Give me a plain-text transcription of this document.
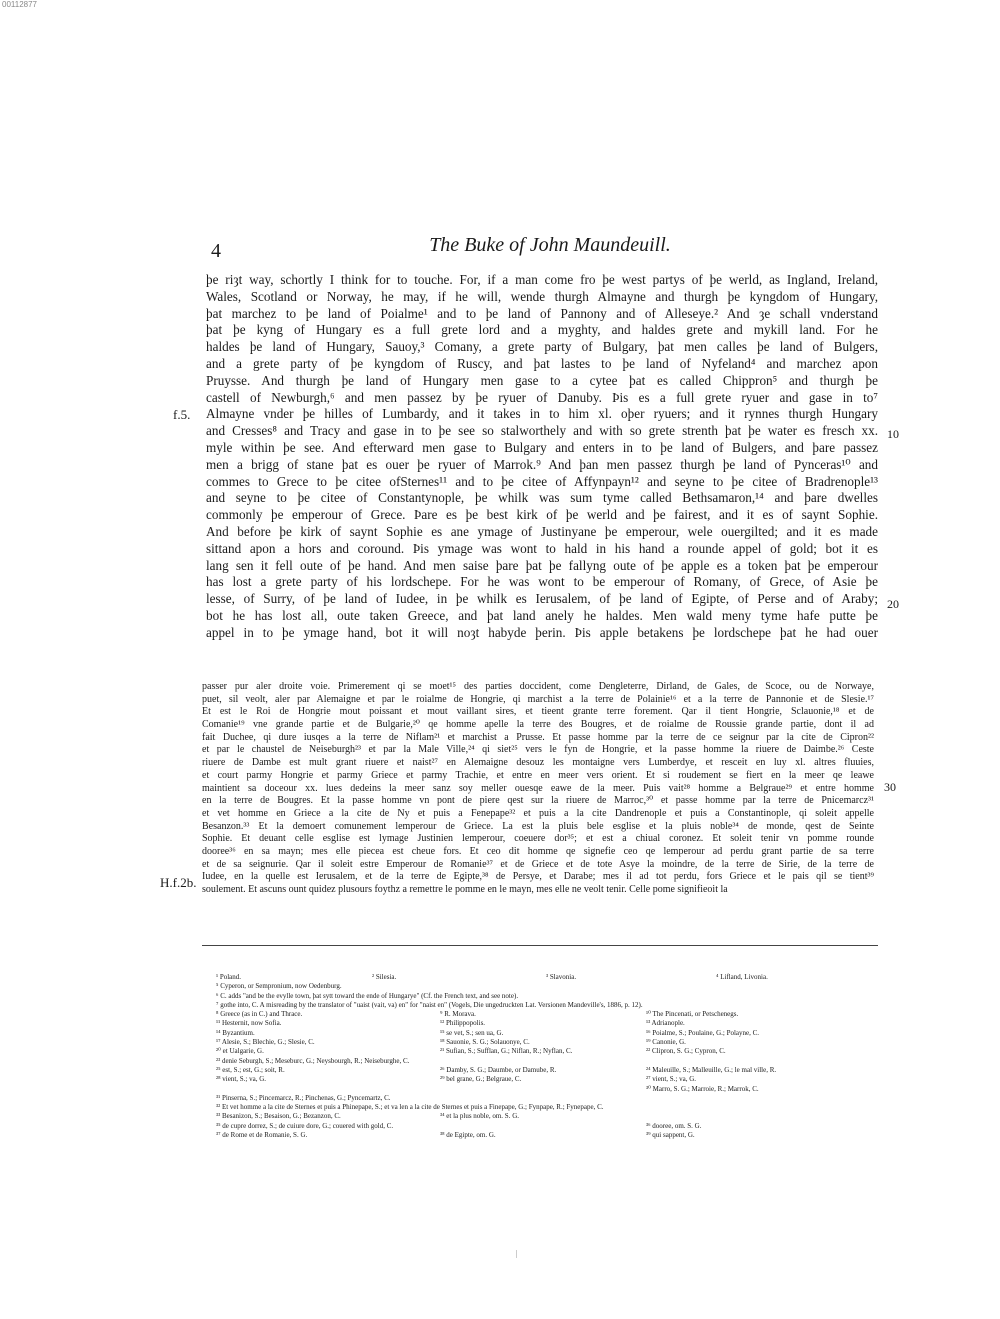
00112877
4	The Buke of John Maundeuill.
f.5.
10
20
30
H.f.2b.
þe riȝt way, schortly I think for to touche. For, if a man come fro þe west partys of þe werld, as Ingland, Ireland,
Wales, Scotland or Norway, he may, if he will, wende thurgh Almayne and thurgh þe kyngdom of Hungary,
þat marchez to þe land of Poialme¹ and to þe land of Pannony and of Alleseye.² And ȝe schall vnderstand
þat þe kyng of Hungary es a full grete lord and a myghty, and haldes grete and mykill land. For he
haldes þe land of Hungary, Sauoy,³ Comany, a grete party of Bulgary, þat men calles þe land of Bulgers,
and a grete party of þe kyngdom of Ruscy, and þat lastes to þe land of Nyfeland⁴ and marchez apon
Pruysse. And thurgh þe land of Hungary men gase to a cytee þat es called Chippron⁵ and thurgh þe
castell of Newburgh,⁶ and men passez by þe ryuer of Danuby. Þis es a full grete ryuer and gase in to⁷
Almayne vnder þe hilles of Lumbardy, and it takes in to him xl. oþer ryuers; and it rynnes thurgh Hungary
and Cresses⁸ and Tracy and gase in to þe see so stalworthely and with so grete strenth þat þe water es fresch xx.
myle within þe see. And efterward men gase to Bulgary and enters in to þe land of Bulgers, and þare passez
men a brigg of stane þat es ouer þe ryuer of Marrok.⁹ And þan men passez thurgh þe land of Pynceras¹⁰ and
commes to Grece to þe citee ofSternes¹¹ and to þe citee of Affynpayn¹² and seyne to þe citee of Bradrenople¹³
and seyne to þe citee of Constantynople, þe whilk was sum tyme called Bethsamaron,¹⁴ and þare dwelles
commonly þe emperour of Grece. Þare es þe best kirk of þe werld and þe fairest, and it es of saynt Sophie.
And before þe kirk of saynt Sophie es ane ymage of Justinyane þe emperour, wele ouergilted; and it es made
sittand apon a hors and coround. Þis ymage was wont to hald in his hand a rounde appel of gold; bot it es
lang sen it fell oute of þe hand. And men saise þare þat þe fallyng oute of þe apple es a token þat þe emperour
has lost a grete party of his lordschepe. For he was wont to be emperour of Romany, of Grece, of Asie þe
lesse, of Surry, of þe land of Iudee, in þe whilk es Ierusalem, of þe land of Egipte, of Perse and of Araby;
bot he has lost all, oute taken Greece, and þat land anely he haldes. Men wald meny tyme hafe putte þe
appel in to þe ymage hand, bot it will noȝt habyde þerin. Þis apple betakens þe lordschepe þat he had ouer
passer pur aler droite voie. Primerement qi se moet¹⁵ des parties doccident, come Dengleterre, Dirland, de Gales, de Scoce, ou de Norwaye,
puet, sil veolt, aler par Alemaigne et par le roialme de Hongrie, qi marchist a la terre de Polainie¹⁶ et a la terre de Pannonie et de Slesie.¹⁷
Et est le Roi de Hongrie mout poissant et mout vaillant sires, et tieent grante terre forement. Qar il tient Hongrie, Sclauonie,¹⁸ et de
Comanie¹⁹ vne grande partie et de Bulgarie,²⁰ qe homme apelle la terre des Bougres, et de roialme de Roussie grande partie, dont il ad
fait Duchee, qi dure iusqes a la terre de Niflam²¹ et marchist a Prusse. Et passe homme par la terre de ce seignur par la cite de Cipron²²
et par le chaustel de Neiseburgh²³ et par la Male Ville,²⁴ qi siet²⁵ vers le fyn de Hongrie, et la passe homme la riuere de Daimbe.²⁶ Ceste
riuere de Dambe est mult grant riuere et naist²⁷ en Alemaigne desouz les montaigne vers Lumberdye, et resceit en luy xl. altres fluuies,
et court parmy Hongrie et parmy Griece et parmy Trachie, et entre en meer vers orient. Et si roudement se fiert en la meer qe leawe
maintient sa doceour xx. lues dedeins la meer sanz soy meller ouesqe eawe de la meer. Puis vait²⁸ homme a Belgraue²⁹ et entre homme
en la terre de Bougres. Et la passe homme vn pont de piere qest sur la riuere de Marroc,³⁰ et passe homme par la terre de Pnicemarcz³¹
et vet homme en Griece a la cite de Ny et puis a Fenepape³² et puis a la cite Dandrenople et puis a Constantinople, qi soleit appelle
Besanzon.³³ Et la demoert comunement lemperour de Griece. La est la pluis bele esglise et la pluis noble³⁴ de monde, qest de Seinte
Sophie. Et deuant celle esglise est lymage Justinien lemperour, coeuere dor³⁵; et est a chiual coronez. Et soleit tenir vn pomme rounde
dooree³⁶ en sa mayn; mes elle piecea est cheue fors. Et ceo dit homme qe signefie ceo qe lemperour ad perdu grant partie de sa terre
et de sa seignurie. Qar il soleit estre Emperour de Romanie³⁷ et de Griece et de tote Asye la moindre, de la terre de Sirie, de la terre de
Iudee, en la quelle est Ierusalem, et de la terre de Egipte,³⁸ de Persye, et Darabe; mes il ad tot perdu, fors Griece et le pais qil se tient³⁹
soulement. Et ascuns ount quidez plusours foythz a remettre le pomme en le mayn, mes elle ne veolt tenir. Celle pome signifieoit la
¹ Poland.	² Silesia.	³ Slavonia.	⁴ Lifland, Livonia.
⁵ Cyperon, or Sempronium, now Oedenburg.
⁶ C. adds "and be the evylle town, þat sytt toward the ende of Hungarye" (Cf. the French text, and see note).
⁷ gothe into, C. A misreading by the translator of "uaist (vait, va) en" for "naist en" (Vogels, Die ungedruckten Lat. Versionen Mandeville's, 1886, p. 12).
⁸ Greece (as in C.) and Thrace.	⁹ R. Morava.	¹⁰ The Pincenati, or Petschenegs.
¹¹ Hesternit, now Sofia.	¹² Philippopolis.	¹³ Adrianople.
¹⁴ Byzantium.	¹⁵ se vet, S.; sen ua, G.	¹⁶ Poialme, S.; Poulaine, G.; Polayne, C.
¹⁷ Alesie, S.; Blechie, G.; Slesie, C.	¹⁸ Sauonie, S. G.; Solauonye, C.	¹⁹ Canonie, G.
²⁰ et Ualgarie, G.	²¹ Sufian, S.; Sufflan, G.; Niflan, R.; Nyflan, C.	²² Clipron, S. G.; Cypron, C.
²³ denie Seburgh, S.; Meseburc, G.; Neysbourgh, R.; Neiseburghe, C.
²⁵ est, S.; est, G.; soit, R.	²⁶ Damby, S. G.; Daumbe, or Damube, R.	²⁴ Maleuille, S.; Malleuille, G.; le mal ville, R.
²⁸ vient, S.; va, G.	²⁹ bel grane, G.; Belgraue, C.	²⁷ vient, S.; va, G.
³⁰ Marro, S. G.; Marroie, R.; Marrok, C.
³¹ Pinserna, S.; Pincemarcz, R.; Pinchenas, G.; Pyncemartz, C.
³² Et vet homme a la cite de Sternes et puis a Phinepape, S.; et va len a la cite de Sternes et puis a Finepape, G.; Fynpape, R.; Fynepape, C.
³³ Besanizon, S.; Besaison, G.; Bezanzon, C.	³⁴ et la plus noble, om. S. G.
³⁵ de cupre dorrez, S.; de cuiure dore, G.; couered with gold, C.	³⁶ dooree, om. S. G.
³⁷ de Rome et de Romanie, S. G.	³⁸ de Egipte, om. G.	³⁹ qui sappent, G.
